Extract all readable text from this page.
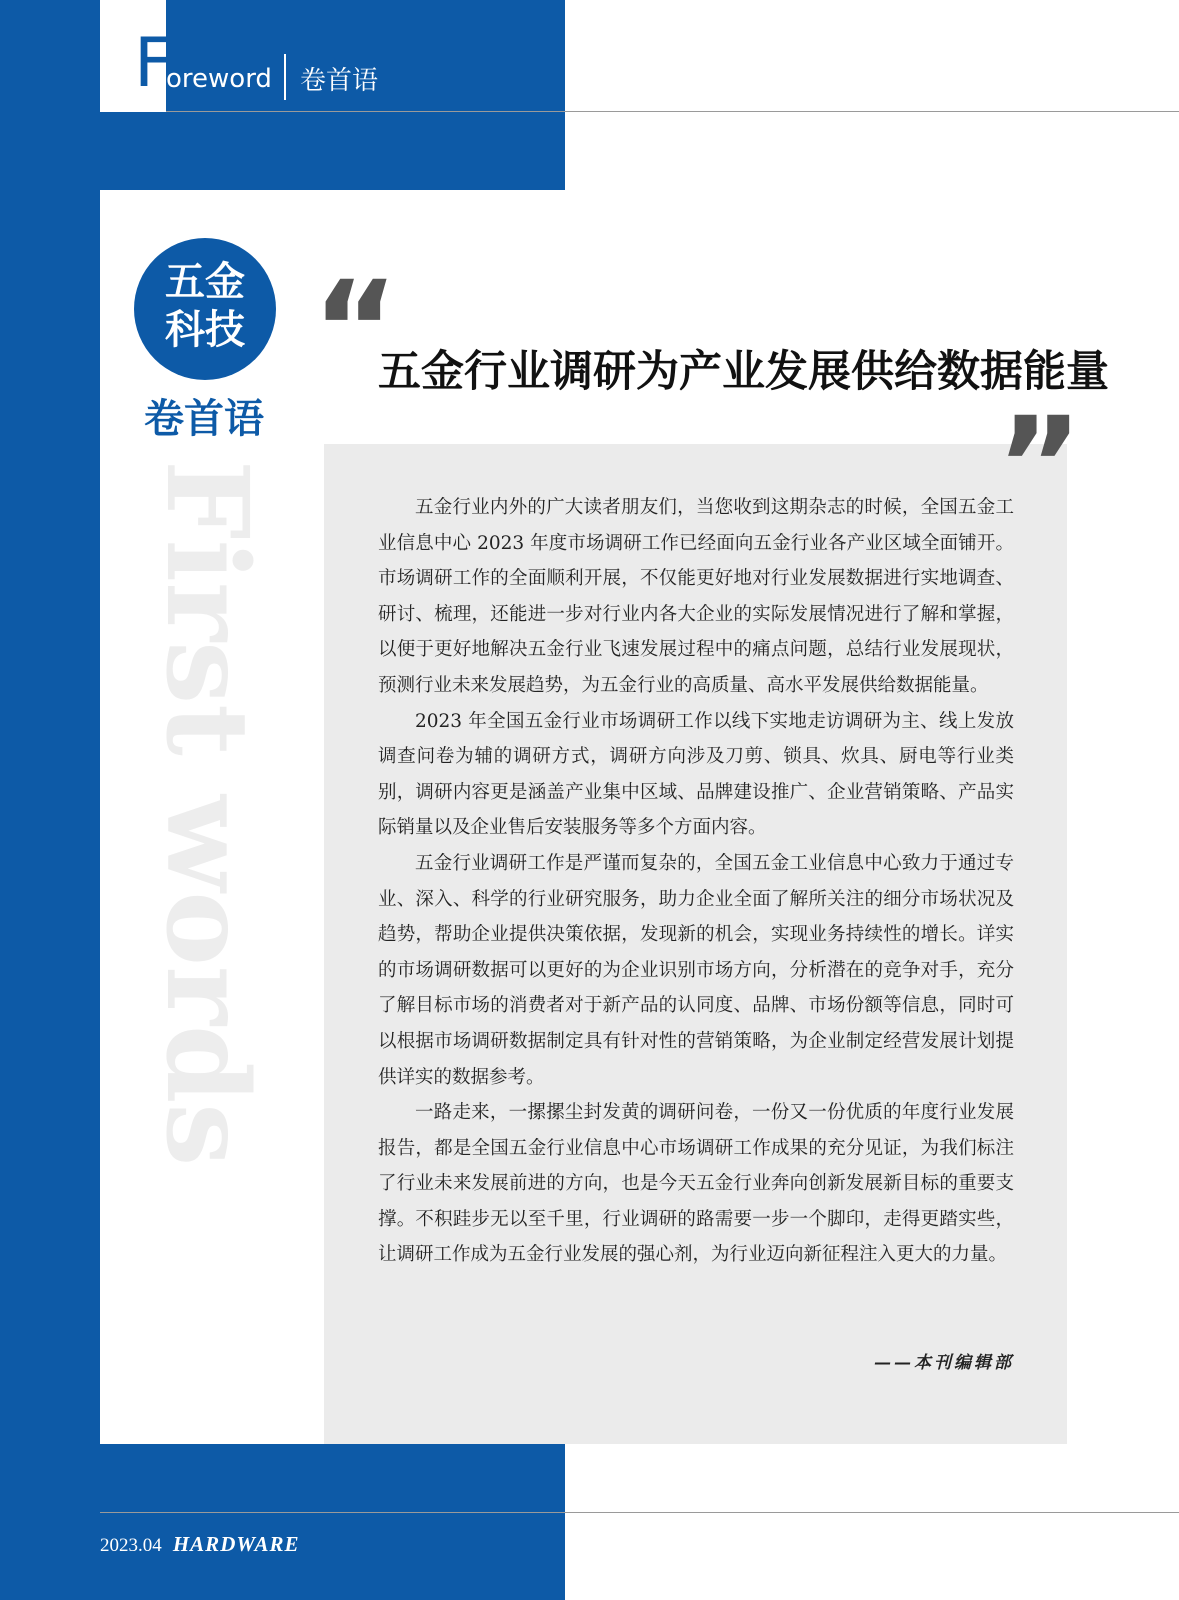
F
oreword 卷首语
五金
科技
卷首语
First words
“
五金行业调研为产业发展供给数据能量
”

五金行业内外的广大读者朋友们，当您收到这期杂志的时候，全国五金工业信息中心 2023 年度市场调研工作已经面向五金行业各产业区域全面铺开。市场调研工作的全面顺利开展，不仅能更好地对行业发展数据进行实地调查、研讨、梳理，还能进一步对行业内各大企业的实际发展情况进行了解和掌握，以便于更好地解决五金行业飞速发展过程中的痛点问题，总结行业发展现状，预测行业未来发展趋势，为五金行业的高质量、高水平发展供给数据能量。

2023 年全国五金行业市场调研工作以线下实地走访调研为主、线上发放调查问卷为辅的调研方式，调研方向涉及刀剪、锁具、炊具、厨电等行业类别，调研内容更是涵盖产业集中区域、品牌建设推广、企业营销策略、产品实际销量以及企业售后安装服务等多个方面内容。

五金行业调研工作是严谨而复杂的，全国五金工业信息中心致力于通过专业、深入、科学的行业研究服务，助力企业全面了解所关注的细分市场状况及趋势，帮助企业提供决策依据，发现新的机会，实现业务持续性的增长。详实的市场调研数据可以更好的为企业识别市场方向，分析潜在的竞争对手，充分了解目标市场的消费者对于新产品的认同度、品牌、市场份额等信息，同时可以根据市场调研数据制定具有针对性的营销策略，为企业制定经营发展计划提供详实的数据参考。

一路走来，一摞摞尘封发黄的调研问卷，一份又一份优质的年度行业发展报告，都是全国五金行业信息中心市场调研工作成果的充分见证，为我们标注了行业未来发展前进的方向，也是今天五金行业奔向创新发展新目标的重要支撑。不积跬步无以至千里，行业调研的路需要一步一个脚印，走得更踏实些，让调研工作成为五金行业发展的强心剂，为行业迈向新征程注入更大的力量。

——本刊编辑部
2023.04 HARDWARE
